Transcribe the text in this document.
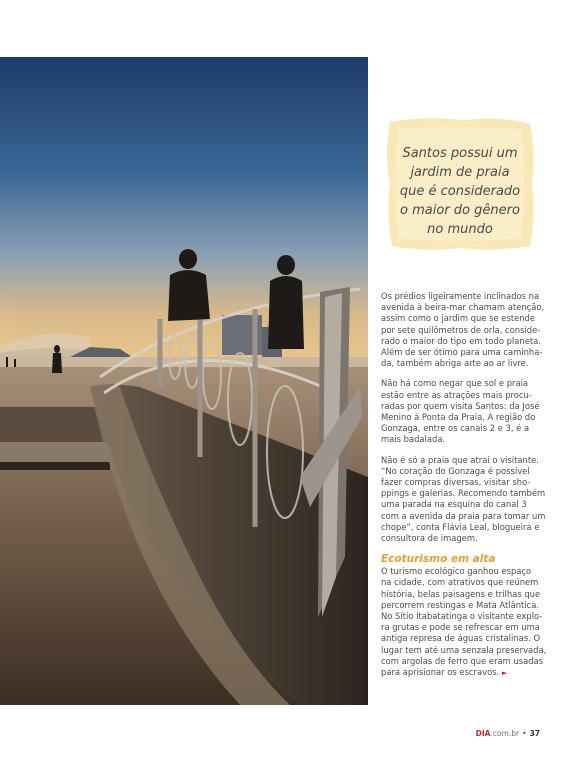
Santos possui um
jardim de praia
que é considerado
o maior do gênero
no mundo

Os prédios ligeiramente inclinados na
avenida à beira-mar chamam atenção,
assim como o jardim que se estende
por sete quilômetros de orla, conside-
rado o maior do tipo em todo planeta.
Além de ser ótimo para uma caminha-
da, também abriga arte ao ar livre.

Não há como negar que sol e praia
estão entre as atrações mais procu-
radas por quem visita Santos: da José
Menino à Ponta da Praia. A região do
Gonzaga, entre os canais 2 e 3, é a
mais badalada.

Não é só a praia que atrai o visitante.
“No coração do Gonzaga é possível
fazer compras diversas, visitar sho-
ppings e galerias. Recomendo também
uma parada na esquina do canal 3
com a avenida da praia para tomar um
chope”, conta Flávia Leal, blogueira e
consultora de imagem.

Ecoturismo em alta

O turismo ecológico ganhou espaço
na cidade, com atrativos que reúnem
história, belas paisagens e trilhas que
percorrem restingas e Mata Atlântica.
No Sítio Itabatatinga o visitante explo-
ra grutas e pode se refrescar em uma
antiga represa de águas cristalinas. O
lugar tem até uma senzala preservada,
com argolas de ferro que eram usadas
para aprisionar os escravos. ►

DIA.com.br • 37
